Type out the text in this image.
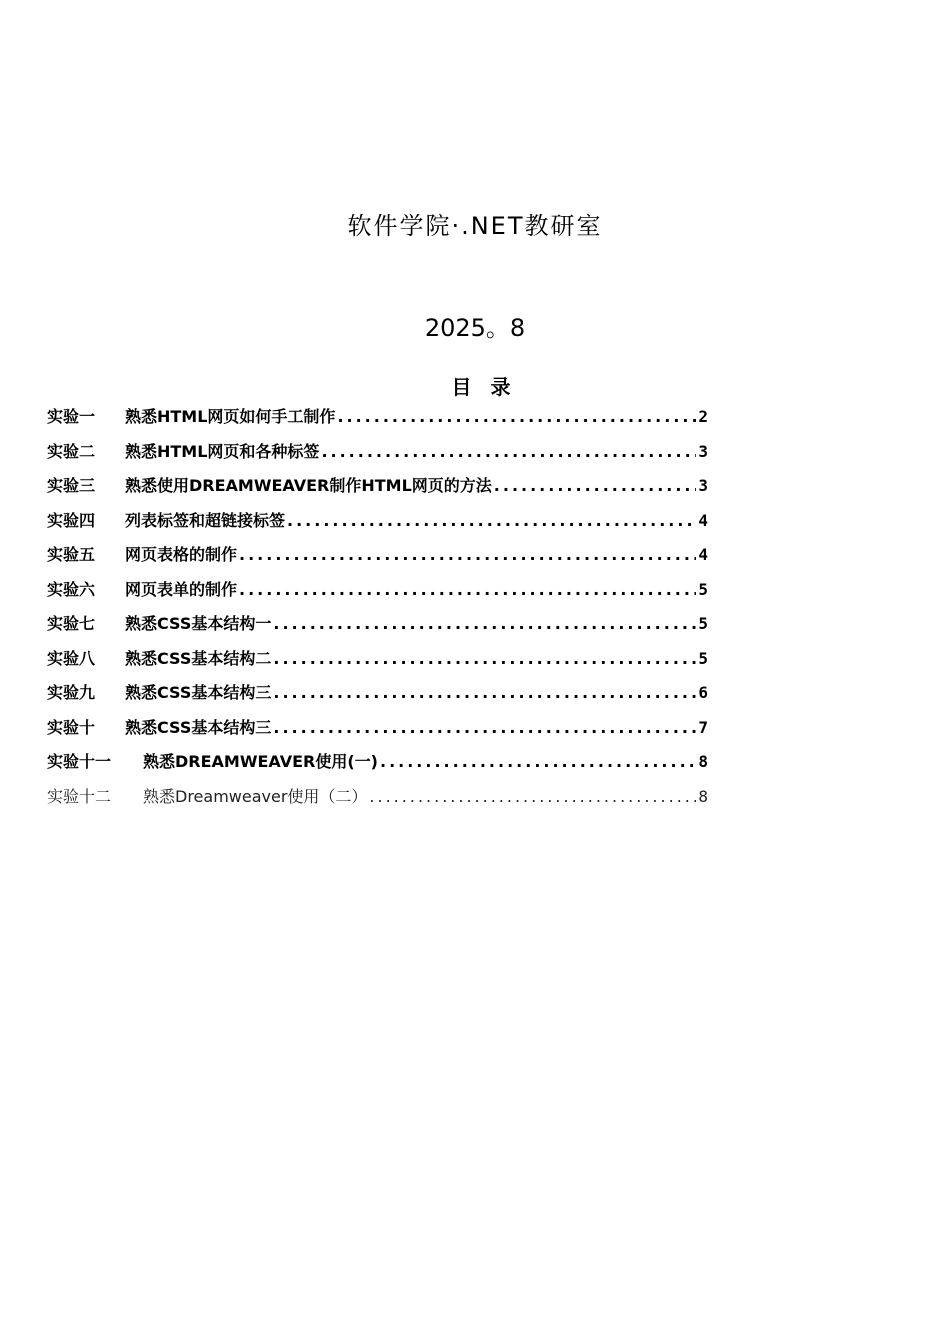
软件学院·.NET教研室
2025。8
目 录
实验一	熟悉HTML网页如何手工制作 .....	2
实验二	熟悉HTML网页和各种标签 .....	3
实验三	熟悉使用DREAMWEAVER制作HTML网页的方法 .....	3
实验四	列表标签和超链接标签 .....	4
实验五	网页表格的制作 .....	4
实验六	网页表单的制作 .....	5
实验七	熟悉CSS基本结构一 .....	5
实验八	熟悉CSS基本结构二 .....	5
实验九	熟悉CSS基本结构三 .....	6
实验十	熟悉CSS基本结构三 .....	7
实验十一	熟悉DREAMWEAVER使用(一) .....	8
实验十二	熟悉Dreamweaver使用（二） .....	8
